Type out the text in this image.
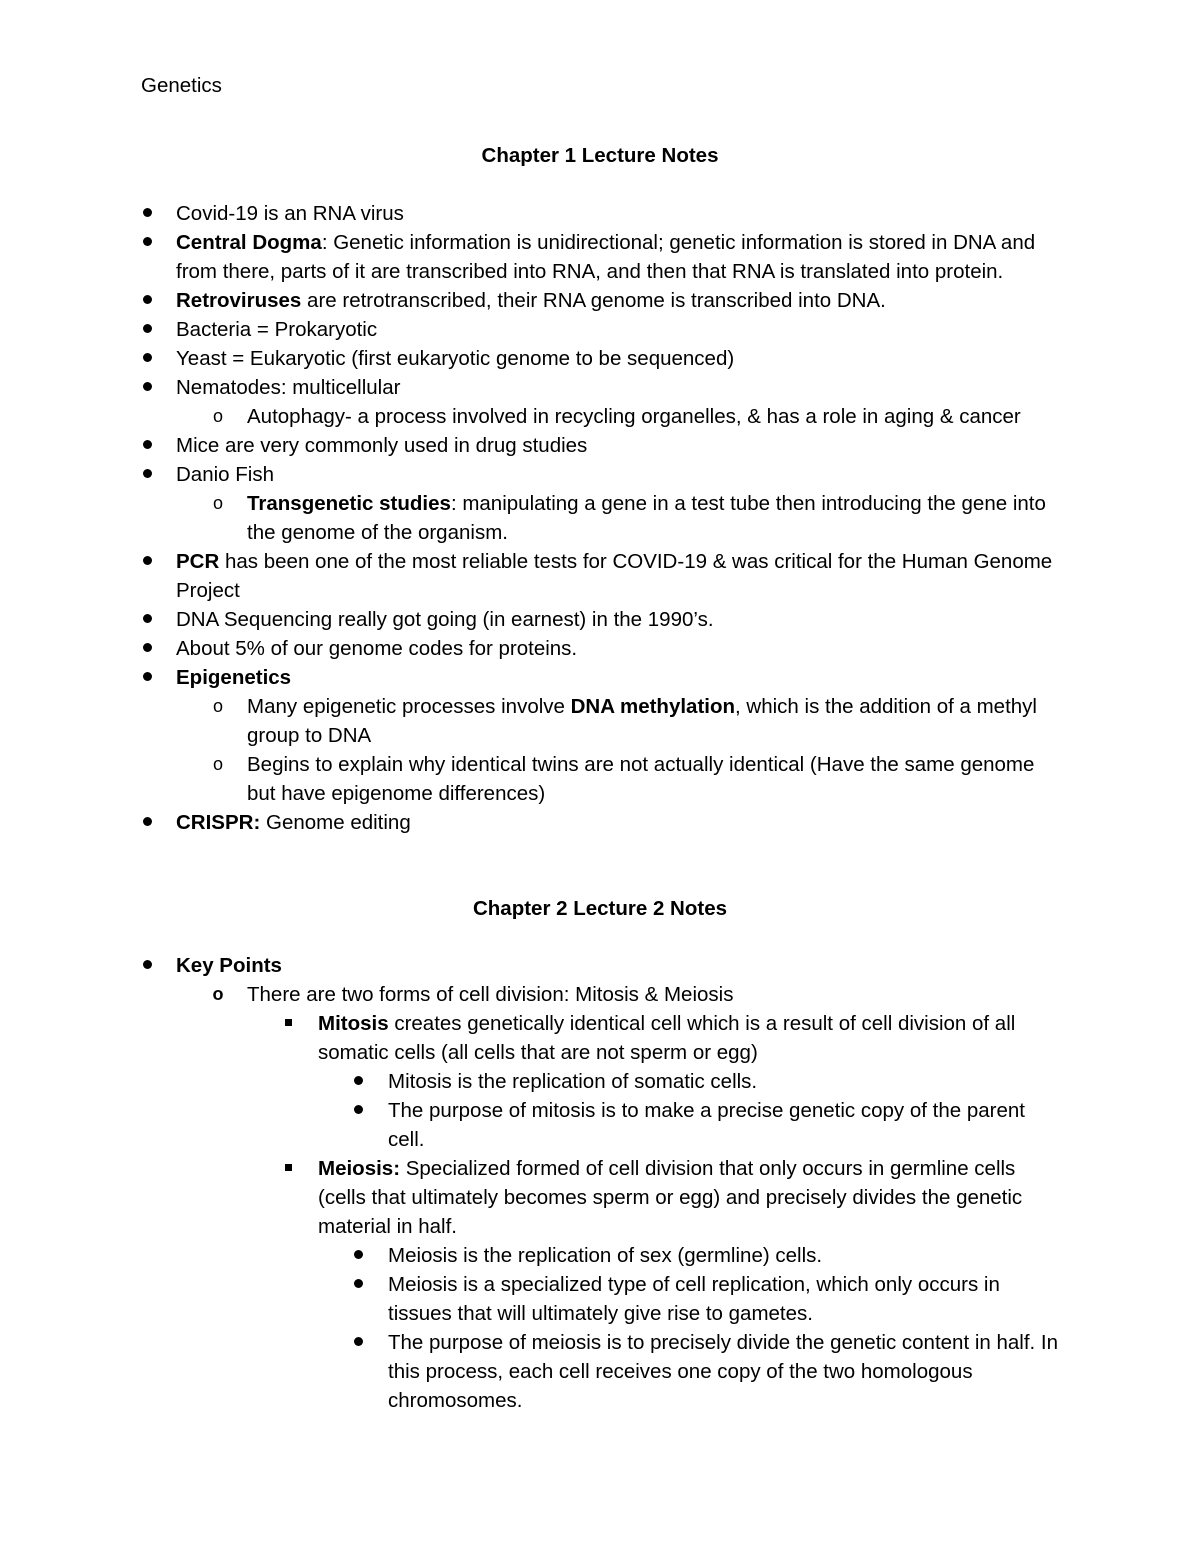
Genetics
Chapter 1 Lecture Notes
Covid-19 is an RNA virus
Central Dogma: Genetic information is unidirectional; genetic information is stored in DNA and from there, parts of it are transcribed into RNA, and then that RNA is translated into protein.
Retroviruses are retrotranscribed, their RNA genome is transcribed into DNA.
Bacteria = Prokaryotic
Yeast = Eukaryotic (first eukaryotic genome to be sequenced)
Nematodes: multicellular
o Autophagy- a process involved in recycling organelles, & has a role in aging & cancer
Mice are very commonly used in drug studies
Danio Fish
o Transgenetic studies: manipulating a gene in a test tube then introducing the gene into the genome of the organism.
PCR has been one of the most reliable tests for COVID-19 & was critical for the Human Genome Project
DNA Sequencing really got going (in earnest) in the 1990’s.
About 5% of our genome codes for proteins.
Epigenetics
o Many epigenetic processes involve DNA methylation, which is the addition of a methyl group to DNA
o Begins to explain why identical twins are not actually identical (Have the same genome but have epigenome differences)
CRISPR: Genome editing
Chapter 2 Lecture 2 Notes
Key Points
o There are two forms of cell division: Mitosis & Meiosis
Mitosis creates genetically identical cell which is a result of cell division of all somatic cells (all cells that are not sperm or egg)
Mitosis is the replication of somatic cells.
The purpose of mitosis is to make a precise genetic copy of the parent cell.
Meiosis: Specialized formed of cell division that only occurs in germline cells (cells that ultimately becomes sperm or egg) and precisely divides the genetic material in half.
Meiosis is the replication of sex (germline) cells.
Meiosis is a specialized type of cell replication, which only occurs in tissues that will ultimately give rise to gametes.
The purpose of meiosis is to precisely divide the genetic content in half. In this process, each cell receives one copy of the two homologous chromosomes.
